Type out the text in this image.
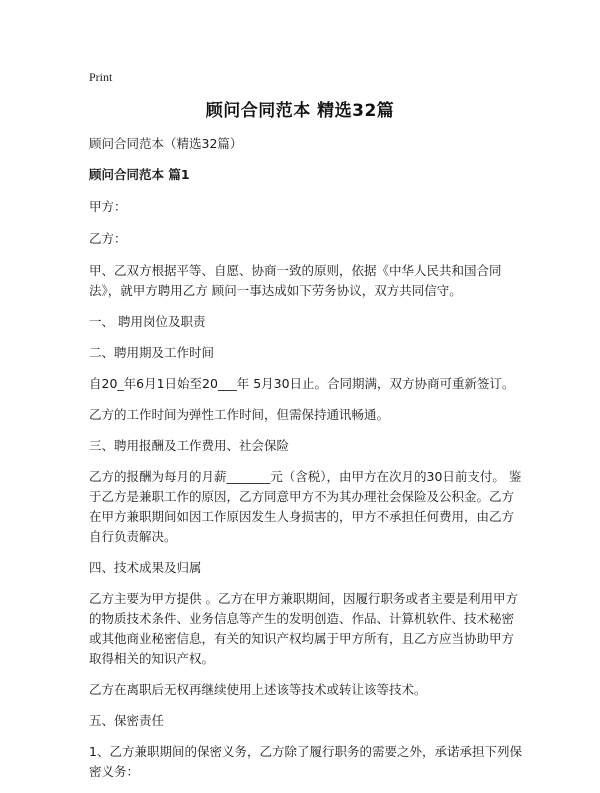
Print
顾问合同范本 精选32篇

顾问合同范本（精选32篇）

顾问合同范本 篇1

甲方：

乙方：

甲、乙双方根据平等、自愿、协商一致的原则，依据《中华人民共和国合同法》，就甲方聘用乙方 顾问一事达成如下劳务协议，双方共同信守。

一、 聘用岗位及职责

二、聘用期及工作时间

自20_年6月1日始至20___年 5月30日止。合同期满，双方协商可重新签订。

乙方的工作时间为弹性工作时间，但需保持通讯畅通。

三、聘用报酬及工作费用、社会保险

乙方的报酬为每月的月薪_______元（含税），由甲方在次月的30日前支付。 鉴于乙方是兼职工作的原因，乙方同意甲方不为其办理社会保险及公积金。乙方在甲方兼职期间如因工作原因发生人身损害的，甲方不承担任何费用，由乙方自行负责解决。

四、技术成果及归属

乙方主要为甲方提供 。乙方在甲方兼职期间，因履行职务或者主要是利用甲方的物质技术条件、业务信息等产生的发明创造、作品、计算机软件、技术秘密或其他商业秘密信息，有关的知识产权均属于甲方所有，且乙方应当协助甲方取得相关的知识产权。

乙方在离职后无权再继续使用上述该等技术或转让该等技术。

五、保密责任

1、乙方兼职期间的保密义务，乙方除了履行职务的需要之外，承诺承担下列保密义务：
